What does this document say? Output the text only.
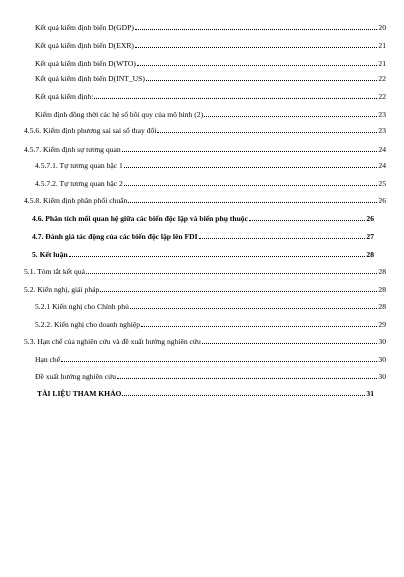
Kết quả kiểm định biến D(GDP)	20
Kết quả kiểm định biến D(EXR)	21
Kết quả kiểm định biến D(WTO)	21
Kết quả kiểm định biến D(INT_US)	22
Kết quả kiểm định:	22
Kiểm định đồng thời các hệ số hồi quy của mô hình (2)	23
4.5.6. Kiểm định phương sai sai số thay đổi	23
4.5.7. Kiểm định sự tương quan	24
4.5.7.1. Tự tương quan bậc 1	24
4.5.7.2. Tự tương quan bậc 2	25
4.5.8. Kiểm định phân phối chuẩn	26
4.6. Phân tích mối quan hệ giữa các biến độc lập và biến phụ thuộc	26
4.7. Đánh giá tác động của các biến độc lập lên FDI	27
5. Kết luận	28
5.1. Tóm tắt kết quả	28
5.2. Kiến nghị, giải pháp	28
5.2.1 Kiến nghị cho Chính phủ	28
5.2.2. Kiến nghị cho doanh nghiệp	29
5.3. Hạn chế của nghiên cứu và đề xuất hướng nghiên cứu	30
Hạn chế	30
Đề xuất hướng nghiên cứu	30
TÀI LIỆU THAM KHẢO	31
